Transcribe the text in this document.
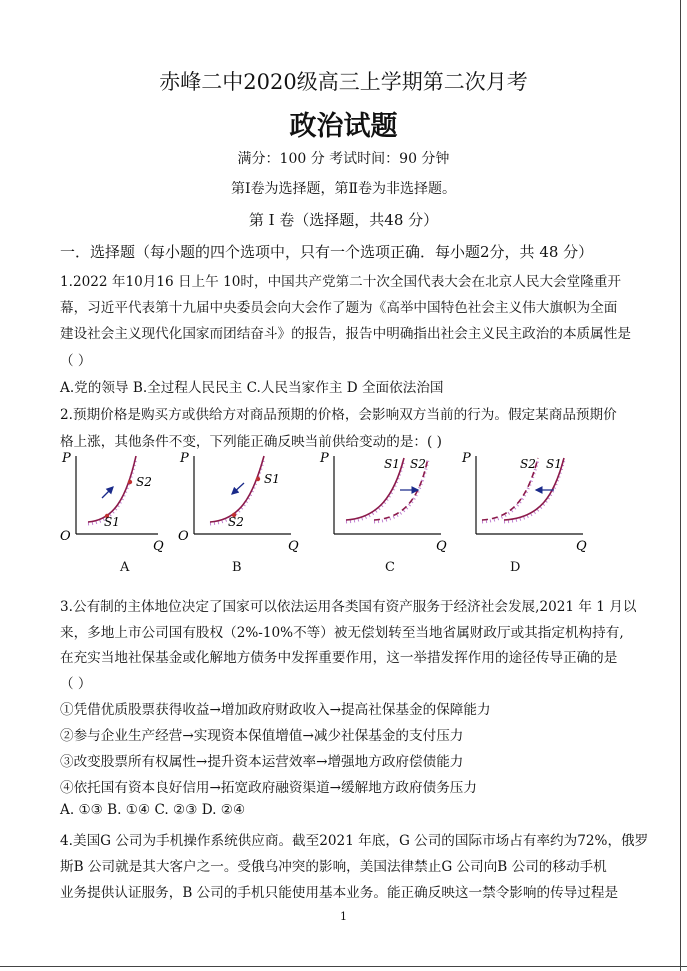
赤峰二中2020级高三上学期第二次月考
政治试题
满分：100 分 考试时间：90 分钟
第Ⅰ卷为选择题，第Ⅱ卷为非选择题。
第 Ⅰ 卷（选择题，共48 分）
一．选择题（每小题的四个选项中，只有一个选项正确．每小题2分，共 48 分）
1.2022 年10月16 日上午 10时，中国共产党第二十次全国代表大会在北京人民大会堂隆重开
幕，习近平代表第十九届中央委员会向大会作了题为《高举中国特色社会主义伟大旗帜为全面
建设社会主义现代化国家而团结奋斗》的报告，报告中明确指出社会主义民主政治的本质属性是
（ ）
A.党的领导 B.全过程人民民主 C.人民当家作主 D 全面依法治国
2.预期价格是购买方或供给方对商品预期的价格，会影响双方当前的行为。假定某商品预期价
格上涨，其他条件不变，下列能正确反映当前供给变动的是：( )
P
O
Q
S1
S2
P
O
Q
S1
S2
P
Q
S1 S2	P
Q
S2 S1
A	B	C	D
3.公有制的主体地位决定了国家可以依法运用各类国有资产服务于经济社会发展,2021 年 1 月以
来，多地上市公司国有股权（2%-10%不等）被无偿划转至当地省属财政厅或其指定机构持有,
在充实当地社保基金或化解地方债务中发挥重要作用，这一举措发挥作用的途径传导正确的是
（ ）
①凭借优质股票获得收益→增加政府财政收入→提高社保基金的保障能力
②参与企业生产经营→实现资本保值增值→减少社保基金的支付压力
③改变股票所有权属性→提升资本运营效率→增强地方政府偿债能力
④依托国有资本良好信用→拓宽政府融资渠道→缓解地方政府债务压力
A. ①③ B. ①④ C. ②③ D. ②④
4.美国G 公司为手机操作系统供应商。截至2021 年底，G 公司的国际市场占有率约为72%，俄罗
斯B 公司就是其大客户之一。受俄乌冲突的影响，美国法律禁止G 公司向B 公司的移动手机
业务提供认证服务，B 公司的手机只能使用基本业务。能正确反映这一禁令影响的传导过程是
1
